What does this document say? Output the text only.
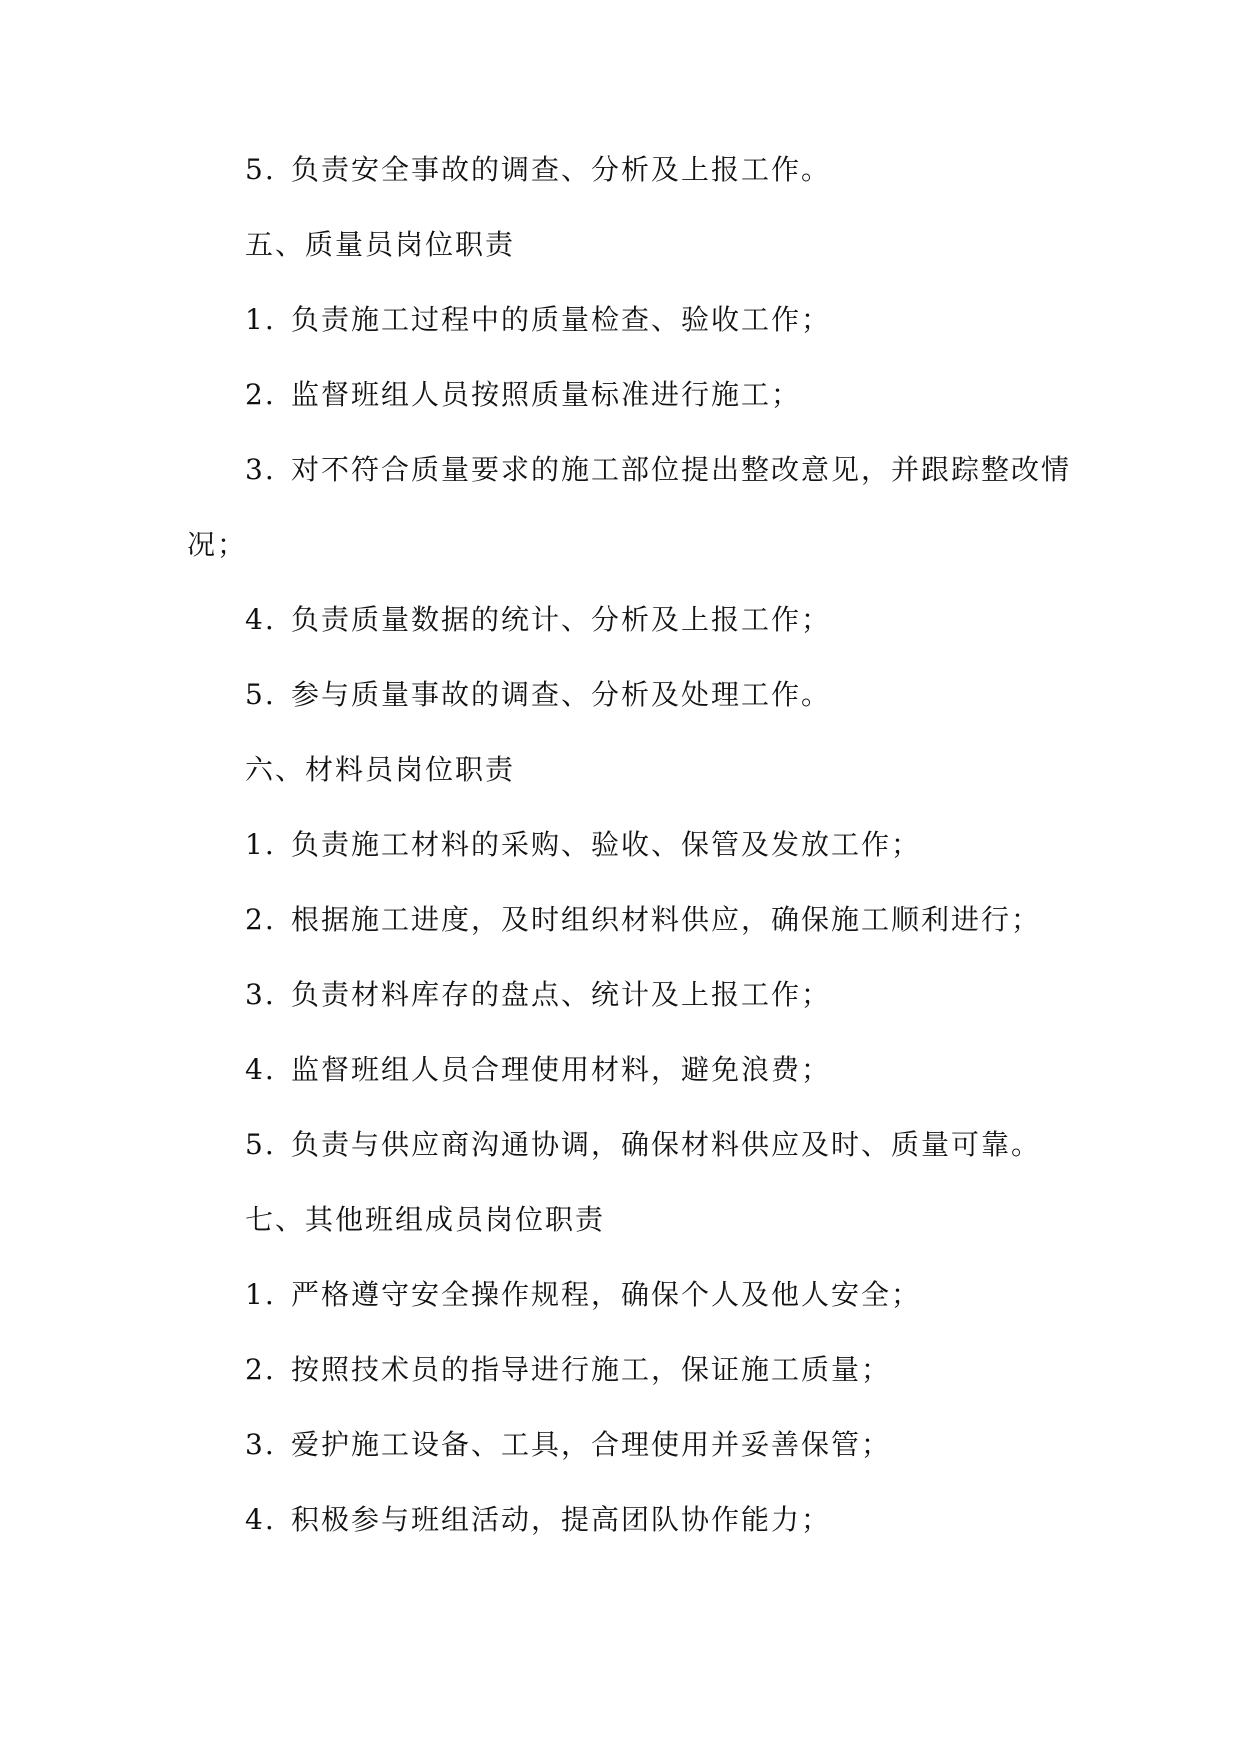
5. 负责安全事故的调查、分析及上报工作。
五、质量员岗位职责
1. 负责施工过程中的质量检查、验收工作；
2. 监督班组人员按照质量标准进行施工；
3. 对不符合质量要求的施工部位提出整改意见，并跟踪整改情
况；
4. 负责质量数据的统计、分析及上报工作；
5. 参与质量事故的调查、分析及处理工作。
六、材料员岗位职责
1. 负责施工材料的采购、验收、保管及发放工作；
2. 根据施工进度，及时组织材料供应，确保施工顺利进行；
3. 负责材料库存的盘点、统计及上报工作；
4. 监督班组人员合理使用材料，避免浪费；
5. 负责与供应商沟通协调，确保材料供应及时、质量可靠。
七、其他班组成员岗位职责
1. 严格遵守安全操作规程，确保个人及他人安全；
2. 按照技术员的指导进行施工，保证施工质量；
3. 爱护施工设备、工具，合理使用并妥善保管；
4. 积极参与班组活动，提高团队协作能力；
